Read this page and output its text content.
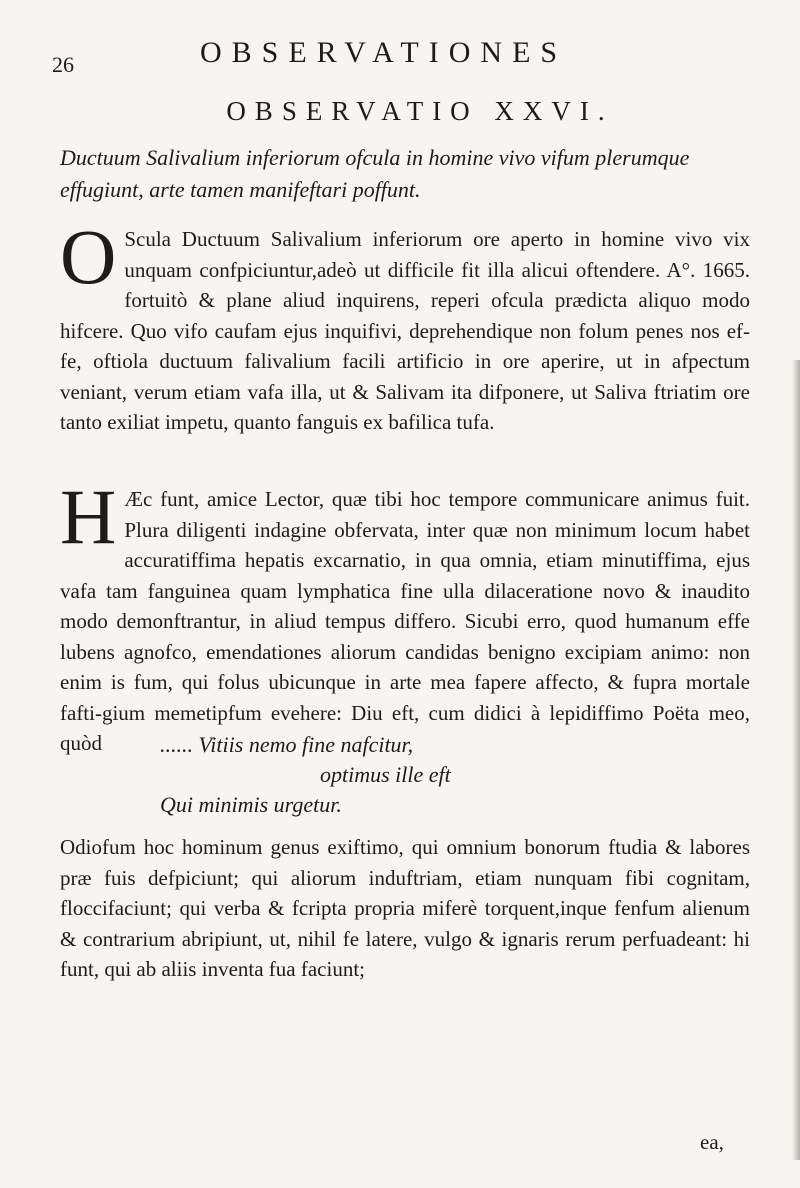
26	OBSERVATIONES
OBSERVATIO XXVI.
Ductuum Salivalium inferiorum ofcula in homine vivo vifum plerumque effugiunt, arte tamen manifeftari poffunt.
O Scula Ductuum Salivalium inferiorum ore aperto in homine vivo vix unquam confpiciuntur,adeò ut difficile fit illa alicui oftendere. A°. 1665. fortuitò & plane aliud inquirens, reperi ofcula prædicta aliquo modo hifcere. Quo vifo caufam ejus inquifivi, deprehendique non folum penes nos ef-fe, oftiola ductuum falivalium facili artificio in ore aperire, ut in afpectum veniant, verum etiam vafa illa, ut & Salivam ita difponere, ut Saliva ftriatim ore tanto exiliat impetu, quanto fanguis ex bafilica tufa.
H Æc funt, amice Lector, quæ tibi hoc tempore communicare animus fuit. Plura diligenti indagine obfervata, inter quæ non minimum locum habet accuratiffima hepatis excarnatio, in qua omnia, etiam minutiffima, ejus vafa tam fanguinea quam lymphatica fine ulla dilaceratione novo & inaudito modo demonftrantur, in aliud tempus differo. Sicubi erro, quod humanum effe lubens agnofco, emendationes aliorum candidas benigno excipiam animo: non enim is fum, qui folus ubicunque in arte mea fapere affecto, & fupra mortale fafti-gium memetipfum evehere: Diu eft, cum didici à lepidiffimo Poëta meo, quòd	...... Vitiis nemo fine nafcitur,
optimus ille eft
Qui minimis urgetur.
Odiofum hoc hominum genus exiftimo, qui omnium bonorum ftudia & labores præ fuis defpiciunt; qui aliorum induftriam, etiam nunquam fibi cognitam, floccifaciunt; qui verba & fcripta propria miferè torquent,inque fenfum alienum & contrarium abripiunt, ut, nihil fe latere, vulgo & ignaris rerum perfuadeant: hi funt, qui ab aliis inventa fua faciunt;
ea,
